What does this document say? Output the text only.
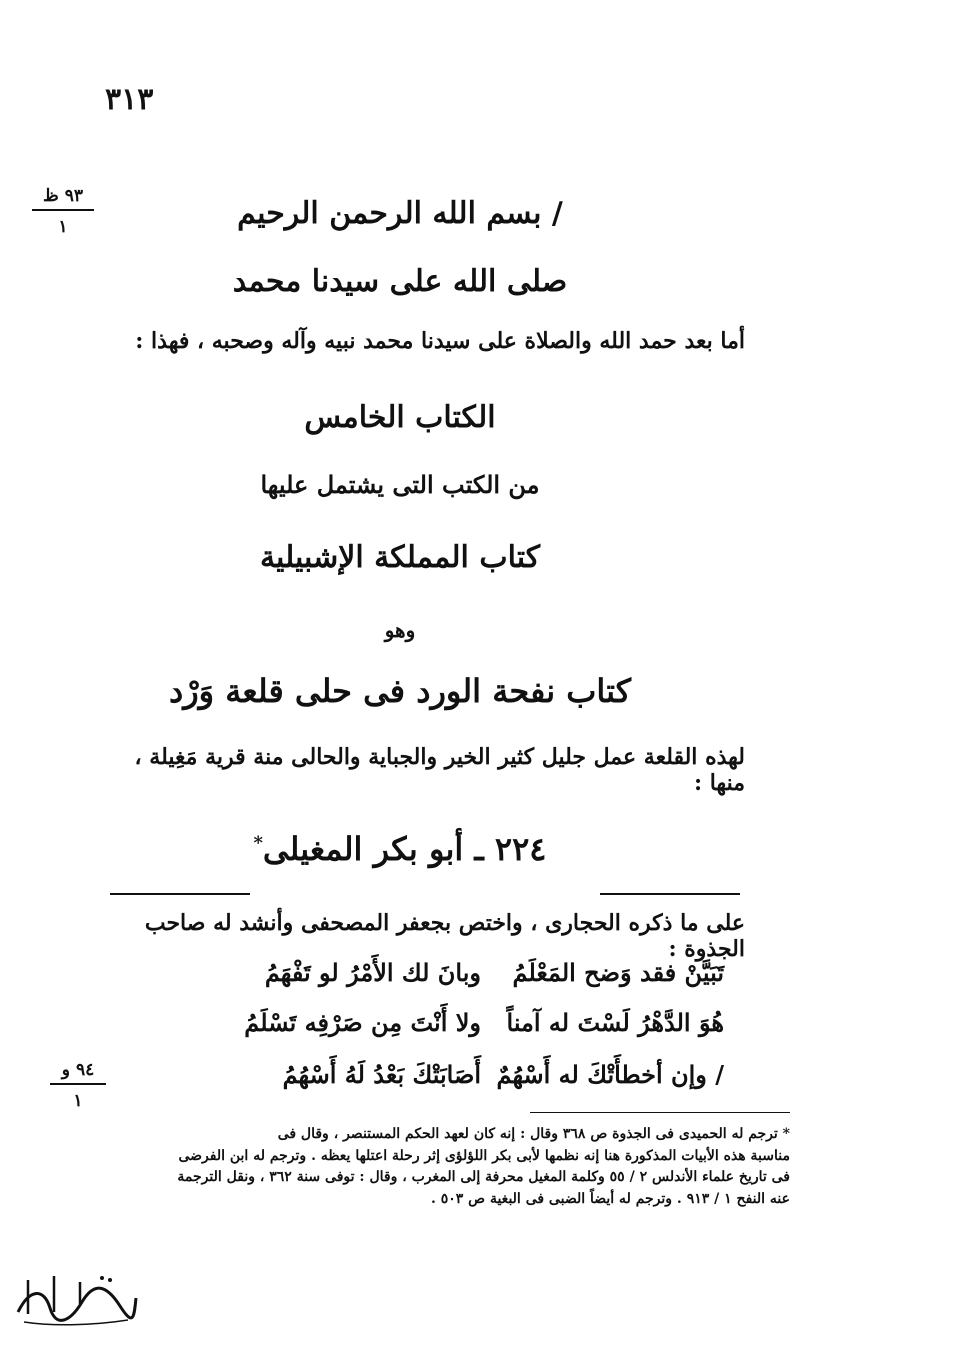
٣١٣
٩٣ ظ
١	/ بسم الله الرحمن الرحيم
صلى الله على سيدنا محمد
أما بعد حمد الله والصلاة على سيدنا محمد نبيه وآله وصحبه ، فهذا :
الكتاب الخامس
من الكتب التى يشتمل عليها
كتاب المملكة الإشبيلية
وهو
كتاب نفحة الورد فى حلى قلعة وَرْد
لهذه القلعة عمل جليل كثير الخير والجباية والحالى منة قرية مَغِيلة ، منها :
٢٢٤ ـ أبو بكر المغيلى*
على ما ذكره الحجارى ، واختص بجعفر المصحفى وأنشد له صاحب الجذوة :
تَبَيَّنْ فقد وَضح المَعْلَمُ
وبانَ لك الأَمْرُ لو تَفْهَمُ
هُوَ الدَّهْرُ لَسْتَ له آمناً
ولا أَنْتَ مِن صَرْفِه تَسْلَمُ
/ وإن أخطأَتْكَ له أَسْهُمٌ
أَصَابَتْكَ بَعْدُ لَهُ أَسْهُمُ
٩٤ و
١
* ترجم له الحميدى فى الجذوة ص ٣٦٨ وقال : إنه كان لعهد الحكم المستنصر ، وقال فى
مناسبة هذه الأبيات المذكورة هنا إنه نظمها لأبى بكر اللؤلؤى إثر رحلة اعتلها يعظه . وترجم له ابن الفرضى
فى تاريخ علماء الأندلس ٢ / ٥٥ وكلمة المغيل محرفة إلى المغرب ، وقال : توفى سنة ٣٦٢ ، ونقل الترجمة
عنه النفح ١ / ٩١٣ . وترجم له أيضاً الضبى فى البغية ص ٥٠٣ .
